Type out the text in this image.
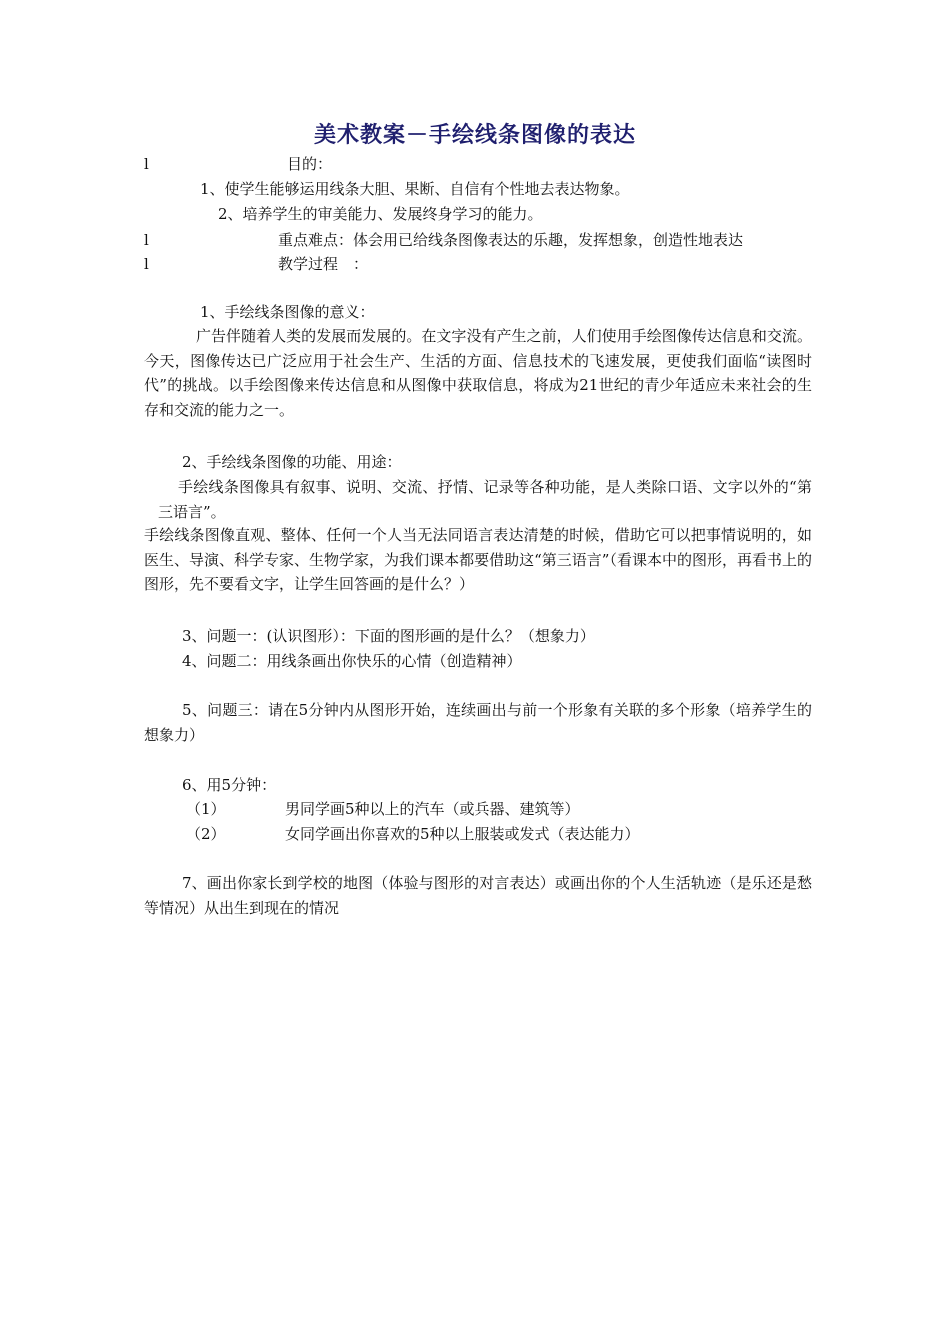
美术教案－手绘线条图像的表达
l	目的：
1、使学生能够运用线条大胆、果断、自信有个性地去表达物象。
2、培养学生的审美能力、发展终身学习的能力。
l	重点难点：体会用已给线条图像表达的乐趣，发挥想象，创造性地表达
l	教学过程　：
1、手绘线条图像的意义：
广告伴随着人类的发展而发展的。在文字没有产生之前，人们使用手绘图像传达信息和交流。今天，图像传达已广泛应用于社会生产、生活的方面、信息技术的飞速发展，更使我们面临“读图时代”的挑战。以手绘图像来传达信息和从图像中获取信息，将成为21世纪的青少年适应未来社会的生存和交流的能力之一。
2、手绘线条图像的功能、用途：
手绘线条图像具有叙事、说明、交流、抒情、记录等各种功能，是人类除口语、文字以外的“第三语言”。
手绘线条图像直观、整体、任何一个人当无法同语言表达清楚的时候，借助它可以把事情说明的，如医生、导演、科学专家、生物学家，为我们课本都要借助这“第三语言”（看课本中的图形，再看书上的图形，先不要看文字，让学生回答画的是什么？）
3、问题一：(认识图形）：下面的图形画的是什么？（想象力）
4、问题二：用线条画出你快乐的心情（创造精神）
5、问题三：请在5分钟内从图形开始，连续画出与前一个形象有关联的多个形象（培养学生的想象力）
6、用5分钟：
（1）	男同学画5种以上的汽车（或兵器、建筑等）
（2）	女同学画出你喜欢的5种以上服装或发式（表达能力）
7、画出你家长到学校的地图（体验与图形的对言表达）或画出你的个人生活轨迹（是乐还是愁等情况）从出生到现在的情况
